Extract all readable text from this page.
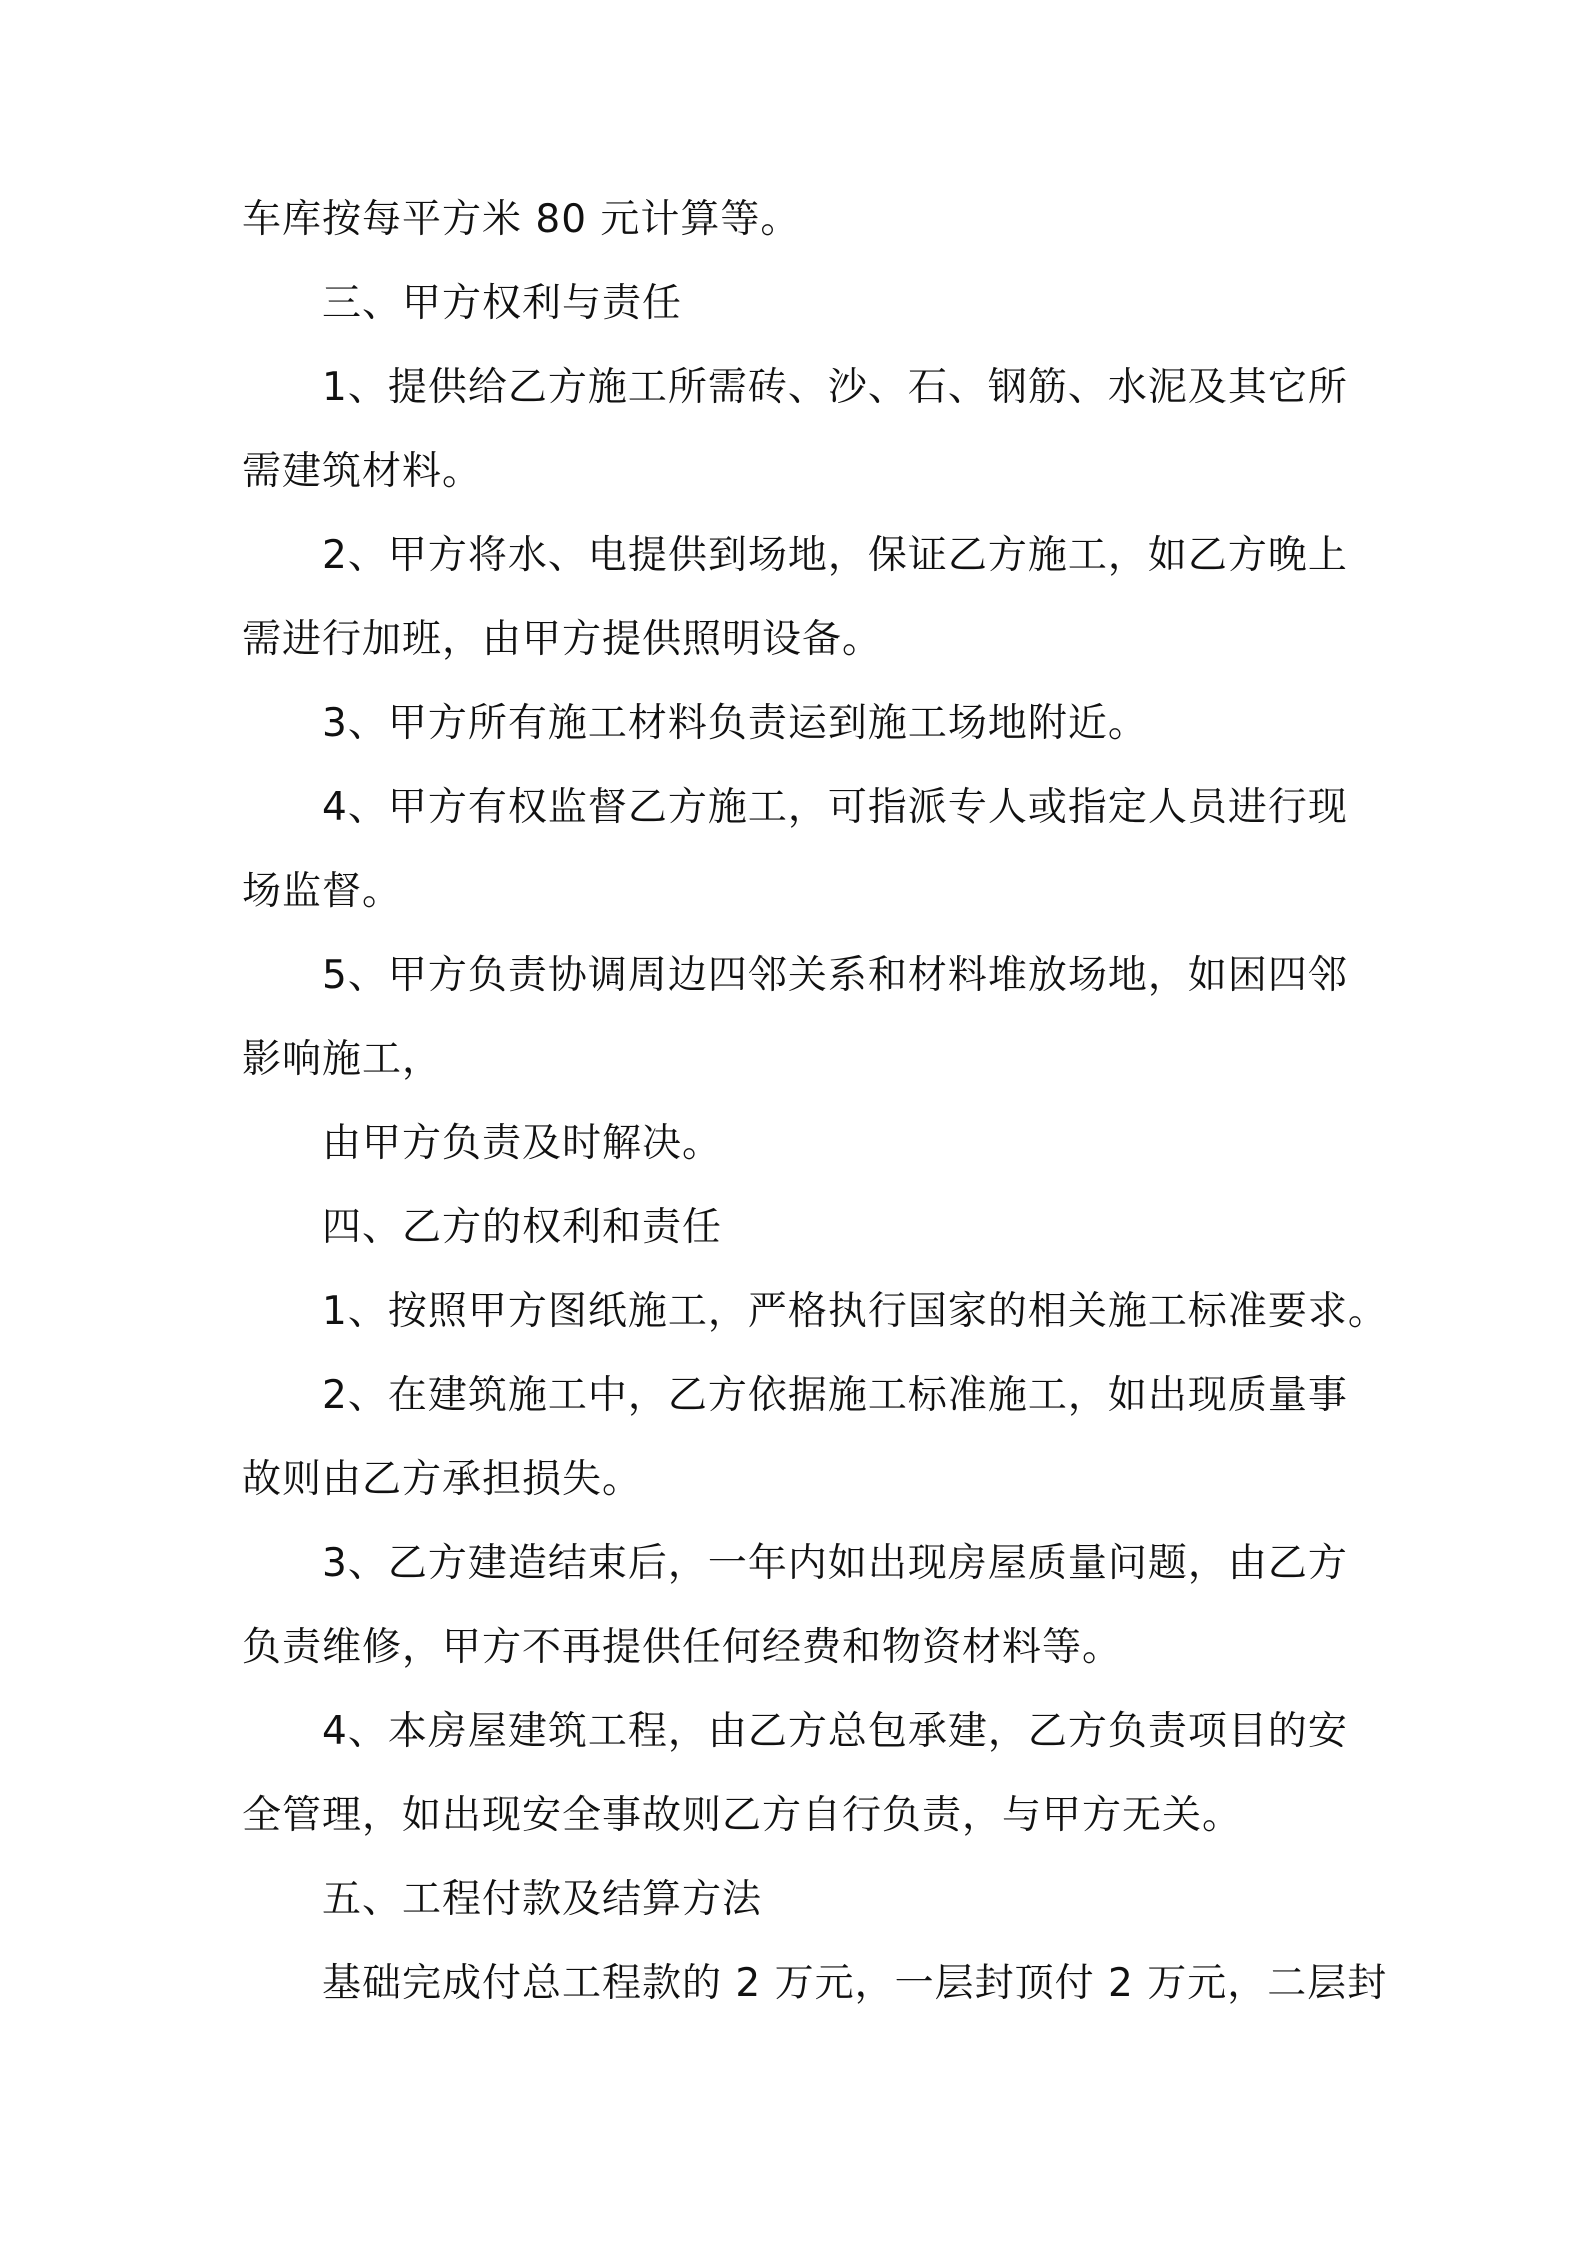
车库按每平方米 80 元计算等。
三、甲方权利与责任
1、提供给乙方施工所需砖、沙、石、钢筋、水泥及其它所
需建筑材料。
2、甲方将水、电提供到场地，保证乙方施工，如乙方晚上
需进行加班，由甲方提供照明设备。
3、甲方所有施工材料负责运到施工场地附近。
4、甲方有权监督乙方施工，可指派专人或指定人员进行现
场监督。
5、甲方负责协调周边四邻关系和材料堆放场地，如困四邻
影响施工，
由甲方负责及时解决。
四、乙方的权利和责任
1、按照甲方图纸施工，严格执行国家的相关施工标准要求。
2、在建筑施工中，乙方依据施工标准施工，如出现质量事
故则由乙方承担损失。
3、乙方建造结束后，一年内如出现房屋质量问题，由乙方
负责维修，甲方不再提供任何经费和物资材料等。
4、本房屋建筑工程，由乙方总包承建，乙方负责项目的安
全管理，如出现安全事故则乙方自行负责，与甲方无关。
五、工程付款及结算方法
基础完成付总工程款的 2 万元，一层封顶付 2 万元，二层封
